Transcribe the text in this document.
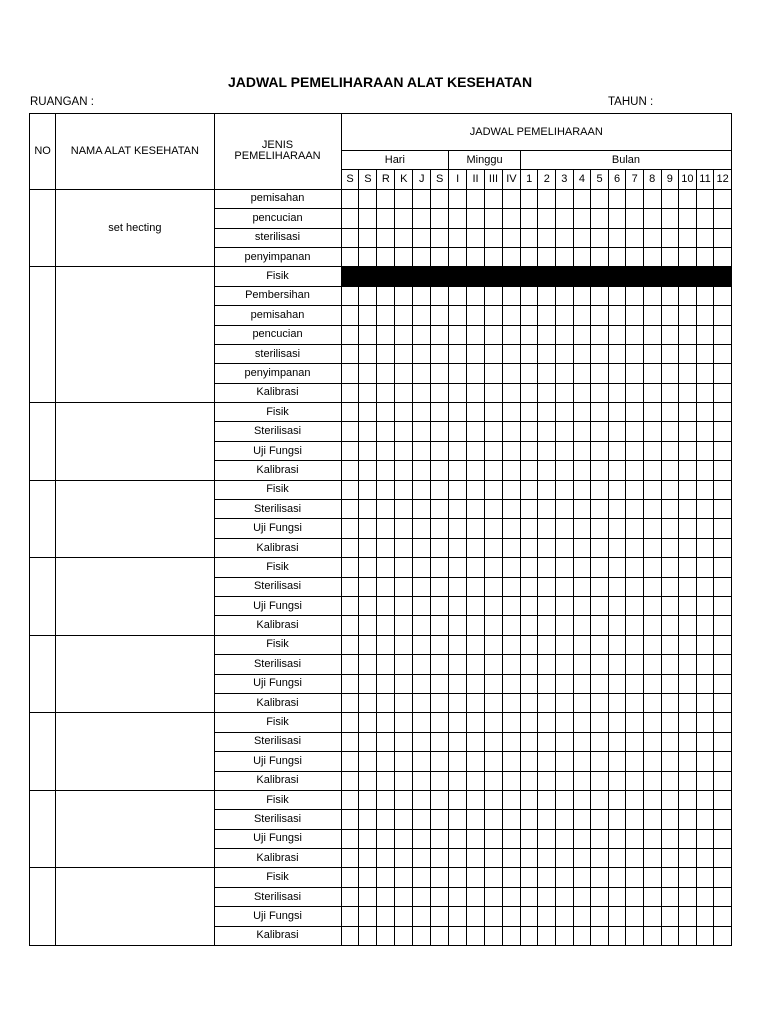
JADWAL PEMELIHARAAN ALAT KESEHATAN
RUANGAN :	TAHUN :
NO	NAMA ALAT KESEHATAN	JENIS
PEMELIHARAAN	JADWAL PEMELIHARAAN																					
			Hari						Minggu				Bulan											
			S	S	R	K	J	S	I	II	III	IV	1	2	3	4	5	6	7	8	9	10	11	12
	set hecting	pemisahan																						
		pencucian																						
		sterilisasi																						
		penyimpanan																						
		Fisik																						
		Pembersihan																						
		pemisahan																						
		pencucian																						
		sterilisasi																						
		penyimpanan																						
		Kalibrasi																						
		Fisik																						
		Sterilisasi																						
		Uji Fungsi																						
		Kalibrasi																						
		Fisik																						
		Sterilisasi																						
		Uji Fungsi																						
		Kalibrasi																						
		Fisik																						
		Sterilisasi																						
		Uji Fungsi																						
		Kalibrasi																						
		Fisik																						
		Sterilisasi																						
		Uji Fungsi																						
		Kalibrasi																						
		Fisik																						
		Sterilisasi																						
		Uji Fungsi																						
		Kalibrasi																						
		Fisik																						
		Sterilisasi																						
		Uji Fungsi																						
		Kalibrasi																						
		Fisik																						
		Sterilisasi																						
		Uji Fungsi																						
		Kalibrasi																						
